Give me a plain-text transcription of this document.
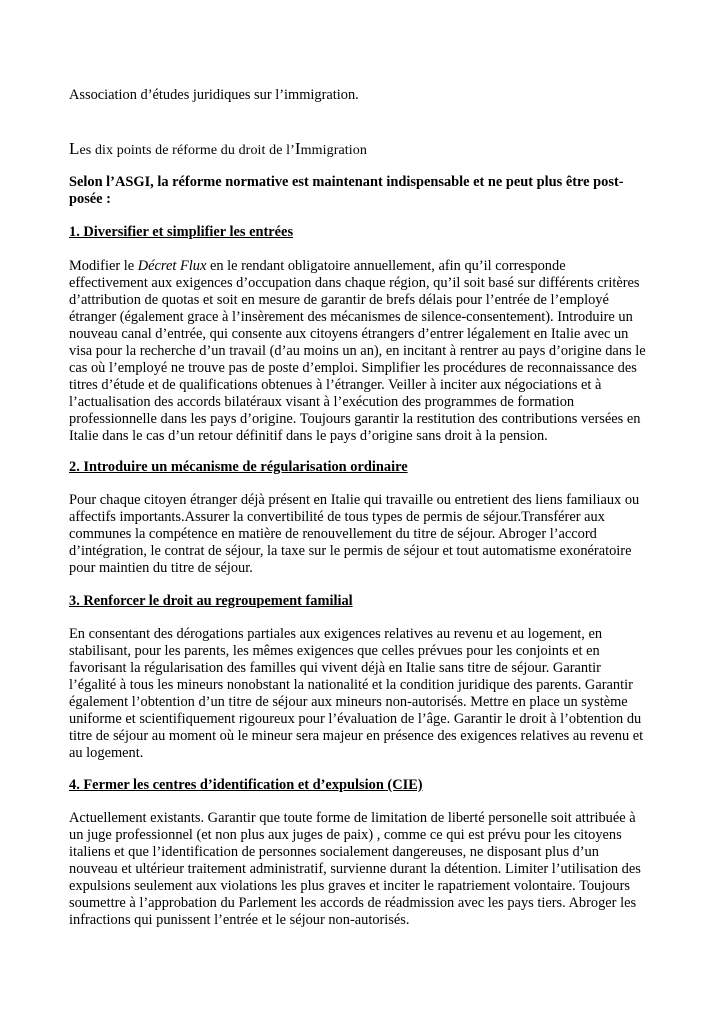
Association d’études juridiques sur l’immigration.

Les dix points de réforme du droit de l’Immigration

Selon l’ASGI, la réforme normative est maintenant indispensable et ne peut plus être post-
posée :

1. Diversifier et simplifier les entrées

Modifier le Décret Flux en le rendant obligatoire annuellement, afin qu’il corresponde
effectivement aux exigences d’occupation dans chaque région, qu’il soit basé sur différents critères
d’attribution de quotas et soit en mesure de garantir de brefs délais pour l’entrée de l’employé
étranger (également grace à l’insèrement des mécanismes de silence-consentement). Introduire un
nouveau canal d’entrée, qui consente aux citoyens étrangers d’entrer légalement en Italie avec un
visa pour la recherche d’un travail (d’au moins un an), en incitant à rentrer au pays d’origine dans le
cas où l’employé ne trouve pas de poste d’emploi. Simplifier les procédures de reconnaissance des
titres d’étude et de qualifications obtenues à l’étranger. Veiller à inciter aux négociations et à
l’actualisation des accords bilatéraux visant à l’exécution des programmes de formation
professionnelle dans les pays d’origine. Toujours garantir la restitution des contributions versées en
Italie dans le cas d’un retour définitif dans le pays d’origine sans droit à la pension.

2. Introduire un mécanisme de régularisation ordinaire

Pour chaque citoyen étranger déjà présent en Italie qui travaille ou entretient des liens familiaux ou
affectifs importants.Assurer la convertibilité de tous types de permis de séjour.Transférer aux
communes la compétence en matière de renouvellement du titre de séjour. Abroger l’accord
d’intégration, le contrat de séjour, la taxe sur le permis de séjour et tout automatisme exonératoire
pour maintien du titre de séjour.

3. Renforcer le droit au regroupement familial

En consentant des dérogations partiales aux exigences relatives au revenu et au logement, en
stabilisant, pour les parents, les mêmes exigences que celles prévues pour les conjoints et en
favorisant la régularisation des familles qui vivent déjà en Italie sans titre de séjour. Garantir
l’égalité à tous les mineurs nonobstant la nationalité et la condition juridique des parents. Garantir
également l’obtention d’un titre de séjour aux mineurs non-autorisés. Mettre en place un système
uniforme et scientifiquement rigoureux pour l’évaluation de l’âge. Garantir le droit à l’obtention du
titre de séjour au moment où le mineur sera majeur en présence des exigences relatives au revenu et
au logement.

4. Fermer les centres d’identification et d’expulsion (CIE)

Actuellement existants. Garantir que toute forme de limitation de liberté personelle soit attribuée à
un juge professionnel (et non plus aux juges de paix) , comme ce qui est prévu pour les citoyens
italiens et que l’identification de personnes socialement dangereuses, ne disposant plus d’un
nouveau et ultérieur traitement administratif, survienne durant la détention. Limiter l’utilisation des
expulsions seulement aux violations les plus graves et inciter le rapatriement volontaire. Toujours
soumettre à l’approbation du Parlement les accords de réadmission avec les pays tiers. Abroger les
infractions qui punissent l’entrée et le séjour non-autorisés.
